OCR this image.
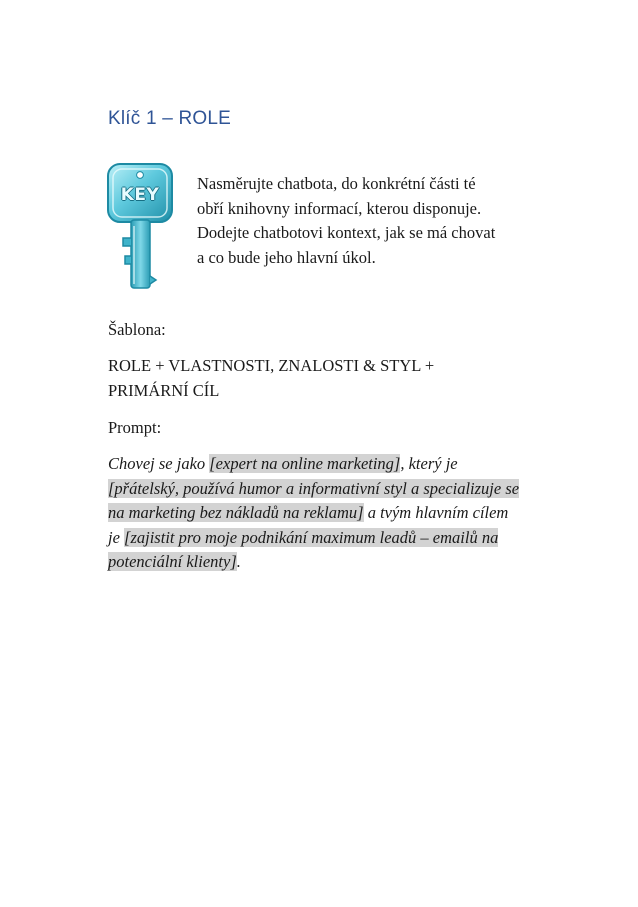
Klíč 1 – ROLE
KEY
Nasměrujte chatbota, do konkrétní části té
obří knihovny informací, kterou disponuje.
Dodejte chatbotovi kontext, jak se má chovat
a co bude jeho hlavní úkol.
Šablona:
ROLE + VLASTNOSTI, ZNALOSTI & STYL +
PRIMÁRNÍ CÍL
Prompt:
Chovej se jako [expert na online marketing], který je
[přátelský, používá humor a informativní styl a specializuje se
na marketing bez nákladů na reklamu] a tvým hlavním cílem
je [zajistit pro moje podnikání maximum leadů – emailů na
potenciální klienty].
